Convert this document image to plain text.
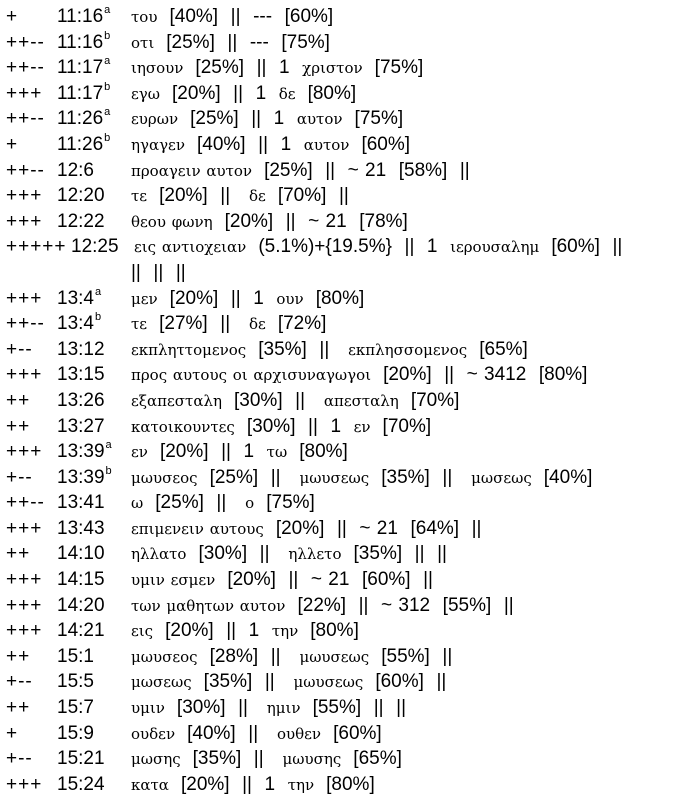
+ $11:16^a$ του  [40%]  ||  ---  [60%]
++-- 11:16$^b$ οτι  [25%]  ||  ---  [75%]
++-- 11:17$^a$ ιησουν  [25%]  ||  1  χριστον  [75%]
+++ $11:17^b$ εγω  [20%]  ||  1  δε  [80%]
++-- 11:26$^a$ ευρων  [25%]  ||  1  αυτον  [75%]
+ $11:26^b$ ηγαγεν  [40%]  ||  1  αυτον  [60%]
++-- 12:6 προαγειν αυτον  [25%]  ||  ~ 21  [58%]  ||
+++ 12:20 τε  [20%]  ||   δε  [70%]  ||
+++ 12:22 θεου φωνη  [20%]  ||  ~ 21  [78%]
+++++ 12:25 εις αντιοχειαν  (5.1%)+{19.5%}  ||  1  ιερουσαλημ  [60%]  ||
||  ||  ||
+++ $13:4^a$ μεν  [20%]  ||  1  ουν  [80%]
++-- 13:4$^b$ τε  [27%]  ||   δε  [72%]
+-- 13:12 εκπληττομενος  [35%]  ||   εκπλησσομενος  [65%]
+++ 13:15 προς αυτους οι αρχισυναγωγοι  [20%]  ||  ~ 3412  [80%]
++ 13:26 εξαπεσταλη  [30%]  ||   απεσταλη  [70%]
++ 13:27 κατοικουντες  [30%]  ||  1  εν  [70%]
+++ $13:39^a$ εν  [20%]  ||  1  τω  [80%]
+-- 13:39$^b$ μωυσεος  [25%]  ||   μωυσεως  [35%]  ||   μωσεως  [40%]
++-- 13:41 ω  [25%]  ||   ο  [75%]
+++ 13:43 επιμενειν αυτους  [20%]  ||  ~ 21  [64%]  ||
++ 14:10 ηλλατο  [30%]  ||   ηλλετο  [35%]  ||  ||
+++ 14:15 υμιν εσμεν  [20%]  ||  ~ 21  [60%]  ||
+++ 14:20 των μαθητων αυτον  [22%]  ||  ~ 312  [55%]  ||
+++ 14:21 εις  [20%]  ||  1  την  [80%]
++ 15:1 μωυσεος  [28%]  ||   μωυσεως  [55%]  ||
+-- 15:5 μωσεως  [35%]  ||   μωυσεως  [60%]  ||
++ 15:7 υμιν  [30%]  ||   ημιν  [55%]  ||  ||
+ 15:9 ουδεν  [40%]  ||   ουθεν  [60%]
+-- 15:21 μωσης  [35%]  ||   μωυσης  [65%]
+++ 15:24 κατα  [20%]  ||  1  την  [80%]
